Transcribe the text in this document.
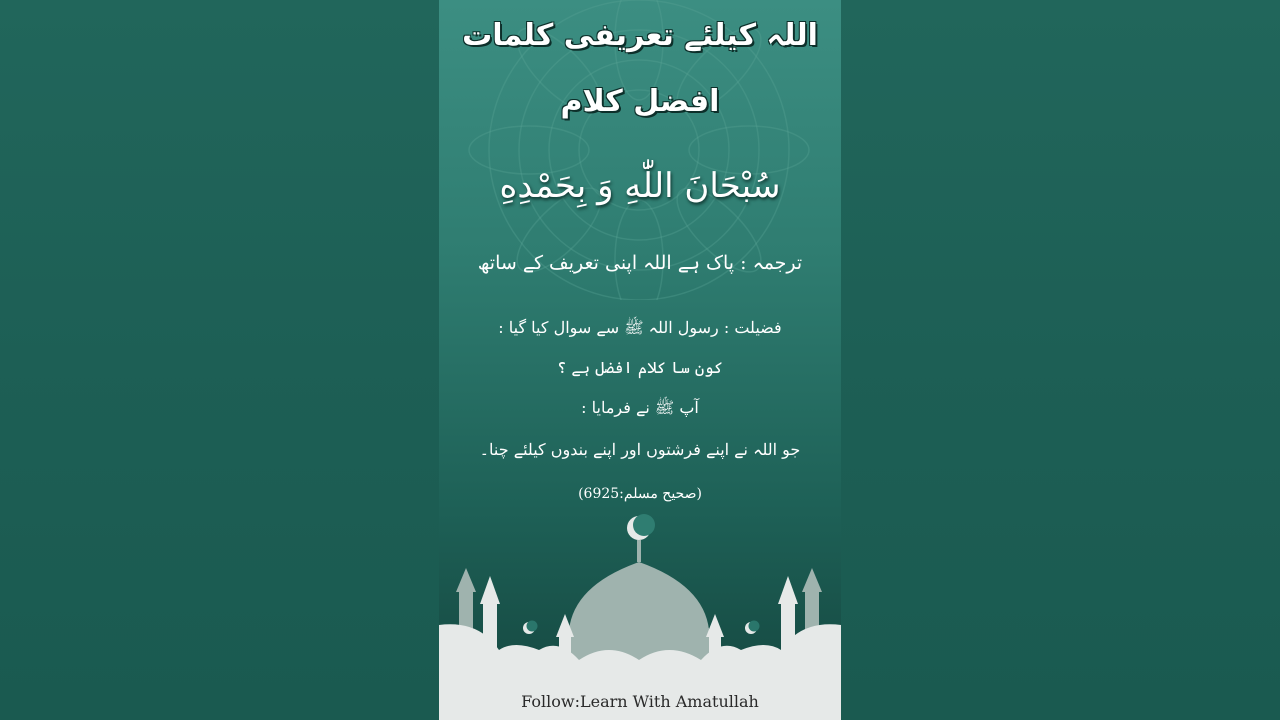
اللہ کیلئے تعریفی کلمات
افضل کلام
سُبْحَانَ اللّٰهِ وَ بِحَمْدِهِ
ترجمہ : پاک ہے اللہ اپنی تعریف کے ساتھ
فضیلت : رسول اللہ ﷺ سے سوال کیا گیا :
کون سا کلام افضل ہے ؟
آپ ﷺ نے فرمایا :
جو اللہ نے اپنے فرشتوں اور اپنے بندوں کیلئے چنا۔
(صحیح مسلم:6925)
Follow:Learn With Amatullah
